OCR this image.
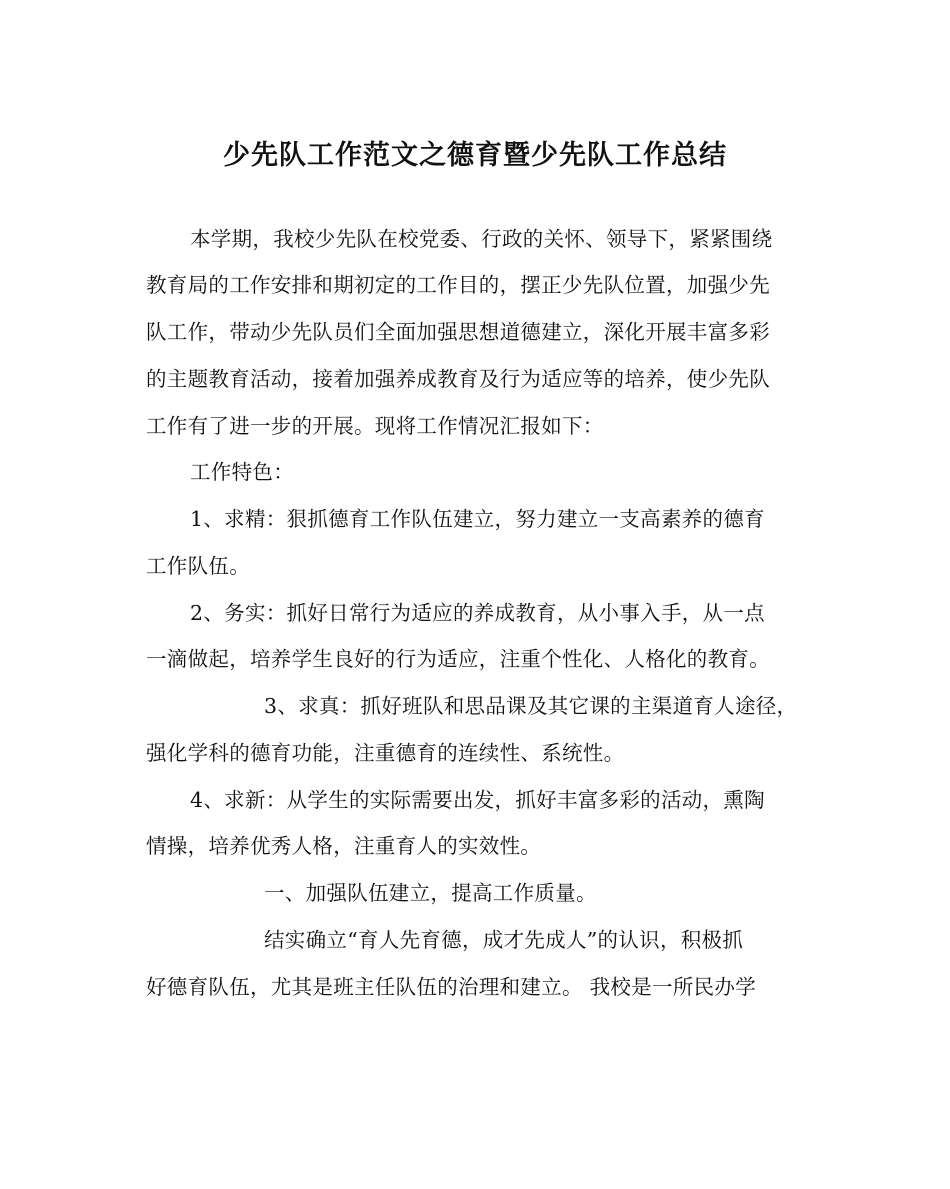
少先队工作范文之德育暨少先队工作总结
本学期，我校少先队在校党委、行政的关怀、领导下，紧紧围绕
教育局的工作安排和期初定的工作目的，摆正少先队位置，加强少先
队工作，带动少先队员们全面加强思想道德建立，深化开展丰富多彩
的主题教育活动，接着加强养成教育及行为适应等的培养，使少先队
工作有了进一步的开展。现将工作情况汇报如下：
工作特色：
1、求精：狠抓德育工作队伍建立，努力建立一支高素养的德育
工作队伍。
2、务实：抓好日常行为适应的养成教育，从小事入手，从一点
一滴做起，培养学生良好的行为适应，注重个性化、人格化的教育。
3、求真：抓好班队和思品课及其它课的主渠道育人途径，
强化学科的德育功能，注重德育的连续性、系统性。
4、求新：从学生的实际需要出发，抓好丰富多彩的活动，熏陶
情操，培养优秀人格，注重育人的实效性。
一、加强队伍建立，提高工作质量。
结实确立“育人先育德，成才先成人”的认识，积极抓
好德育队伍，尤其是班主任队伍的治理和建立。 我校是一所民办学
